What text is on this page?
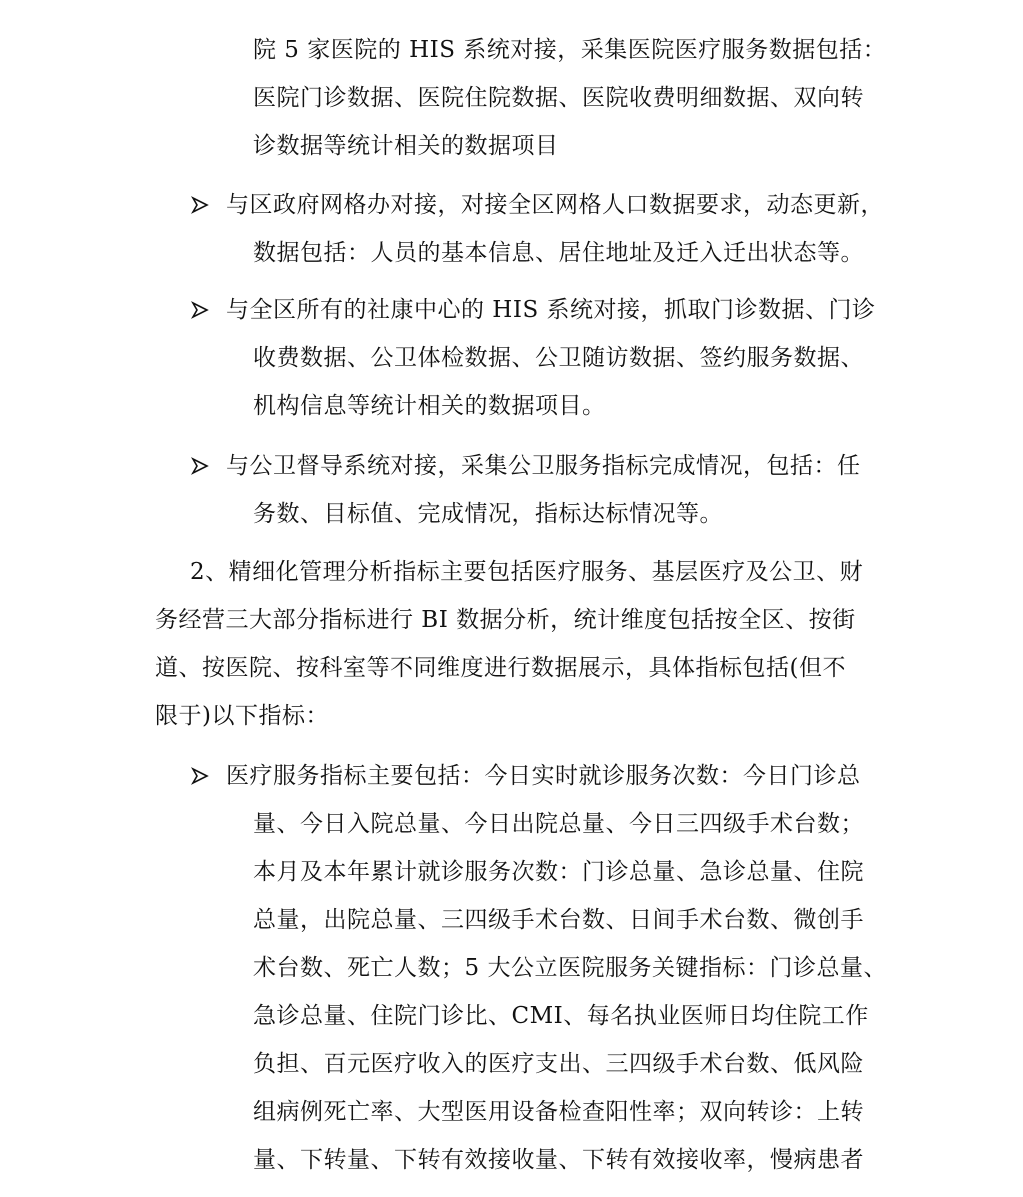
院 5 家医院的 HIS 系统对接，采集医院医疗服务数据包括：
医院门诊数据、医院住院数据、医院收费明细数据、双向转
诊数据等统计相关的数据项目
与区政府网格办对接，对接全区网格人口数据要求，动态更新，
数据包括：人员的基本信息、居住地址及迁入迁出状态等。
与全区所有的社康中心的 HIS 系统对接，抓取门诊数据、门诊
收费数据、公卫体检数据、公卫随访数据、签约服务数据、
机构信息等统计相关的数据项目。
与公卫督导系统对接，采集公卫服务指标完成情况，包括：任
务数、目标值、完成情况，指标达标情况等。
2、精细化管理分析指标主要包括医疗服务、基层医疗及公卫、财
务经营三大部分指标进行 BI 数据分析，统计维度包括按全区、按街
道、按医院、按科室等不同维度进行数据展示，具体指标包括(但不
限于)以下指标：
医疗服务指标主要包括：今日实时就诊服务次数：今日门诊总
量、今日入院总量、今日出院总量、今日三四级手术台数；
本月及本年累计就诊服务次数：门诊总量、急诊总量、住院
总量，出院总量、三四级手术台数、日间手术台数、微创手
术台数、死亡人数；5 大公立医院服务关键指标：门诊总量、
急诊总量、住院门诊比、CMI、每名执业医师日均住院工作
负担、百元医疗收入的医疗支出、三四级手术台数、低风险
组病例死亡率、大型医用设备检查阳性率；双向转诊：上转
量、下转量、下转有效接收量、下转有效接收率，慢病患者
